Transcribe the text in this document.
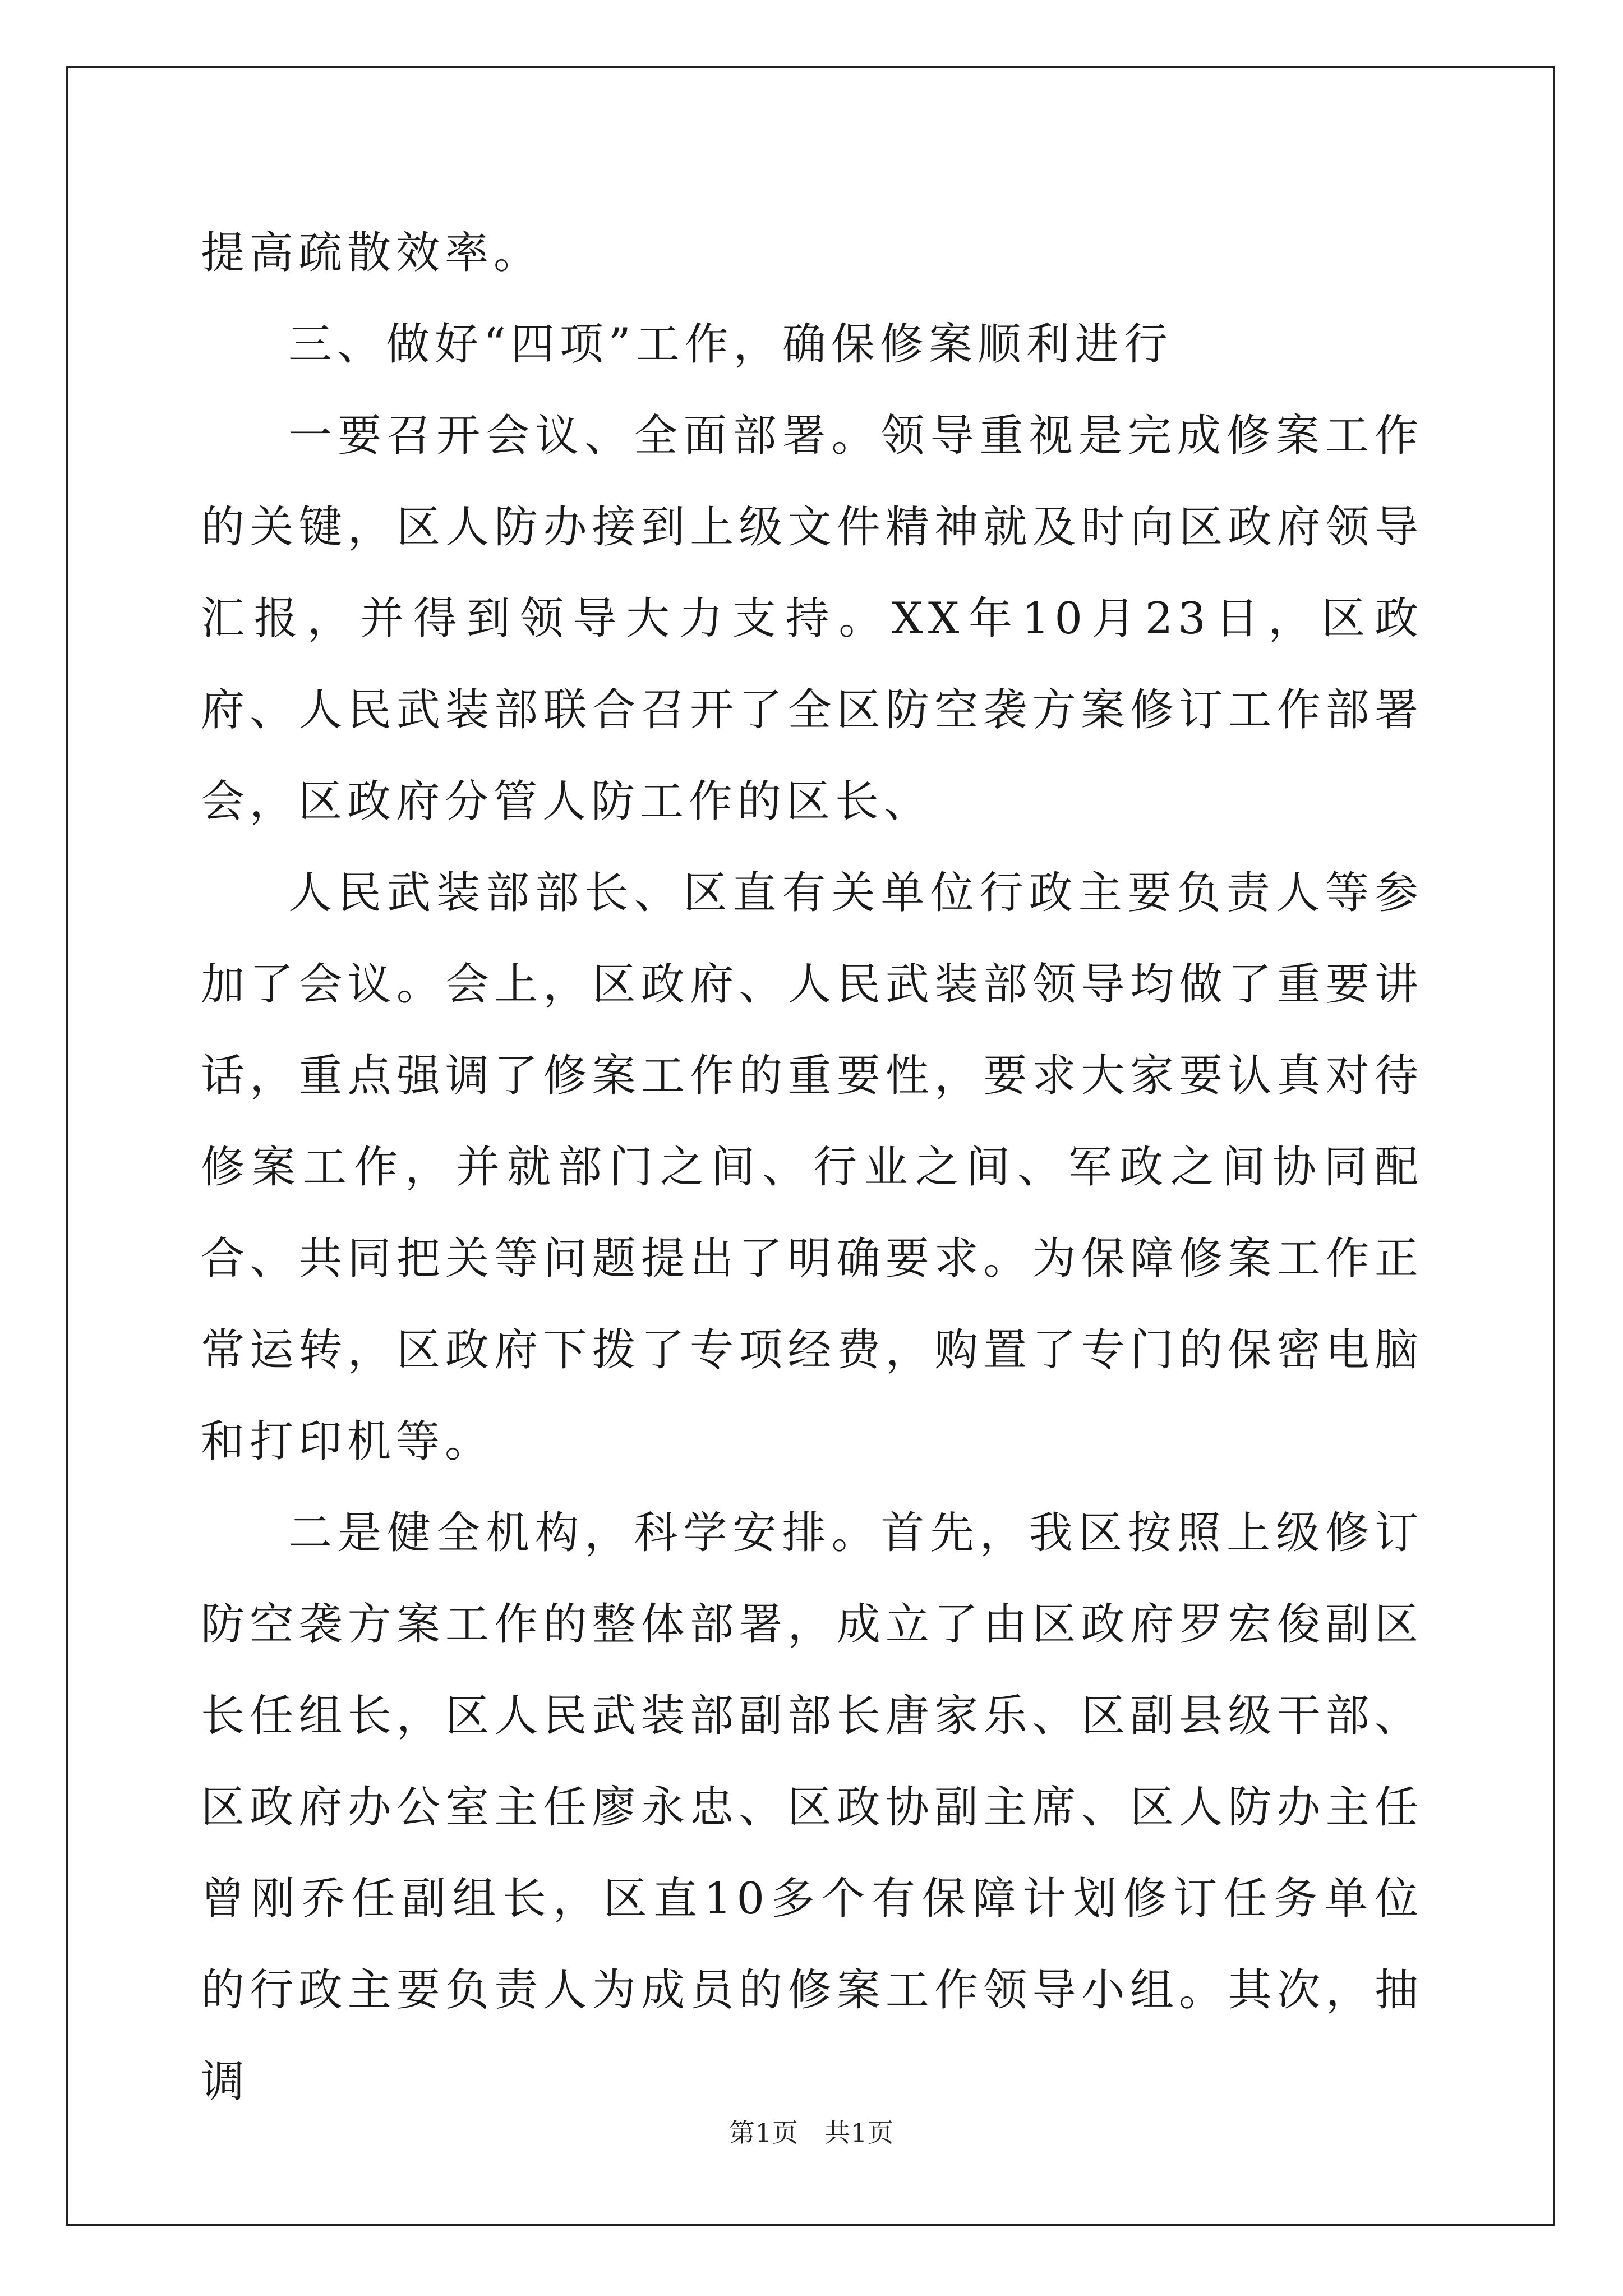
提高疏散效率。

三、做好“四项”工作，确保修案顺利进行

一要召开会议、全面部署。领导重视是完成修案工作的关键，区人防办接到上级文件精神就及时向区政府领导汇报，并得到领导大力支持。XX年10月23日，区政府、人民武装部联合召开了全区防空袭方案修订工作部署会，区政府分管人防工作的区长、

人民武装部部长、区直有关单位行政主要负责人等参加了会议。会上，区政府、人民武装部领导均做了重要讲话，重点强调了修案工作的重要性，要求大家要认真对待修案工作，并就部门之间、行业之间、军政之间协同配合、共同把关等问题提出了明确要求。为保障修案工作正常运转，区政府下拨了专项经费，购置了专门的保密电脑和打印机等。

二是健全机构，科学安排。首先，我区按照上级修订防空袭方案工作的整体部署，成立了由区政府罗宏俊副区长任组长，区人民武装部副部长唐家乐、区副县级干部、区政府办公室主任廖永忠、区政协副主席、区人防办主任曾刚乔任副组长，区直10多个有保障计划修订任务单位的行政主要负责人为成员的修案工作领导小组。其次，抽调

第1页 共1页
